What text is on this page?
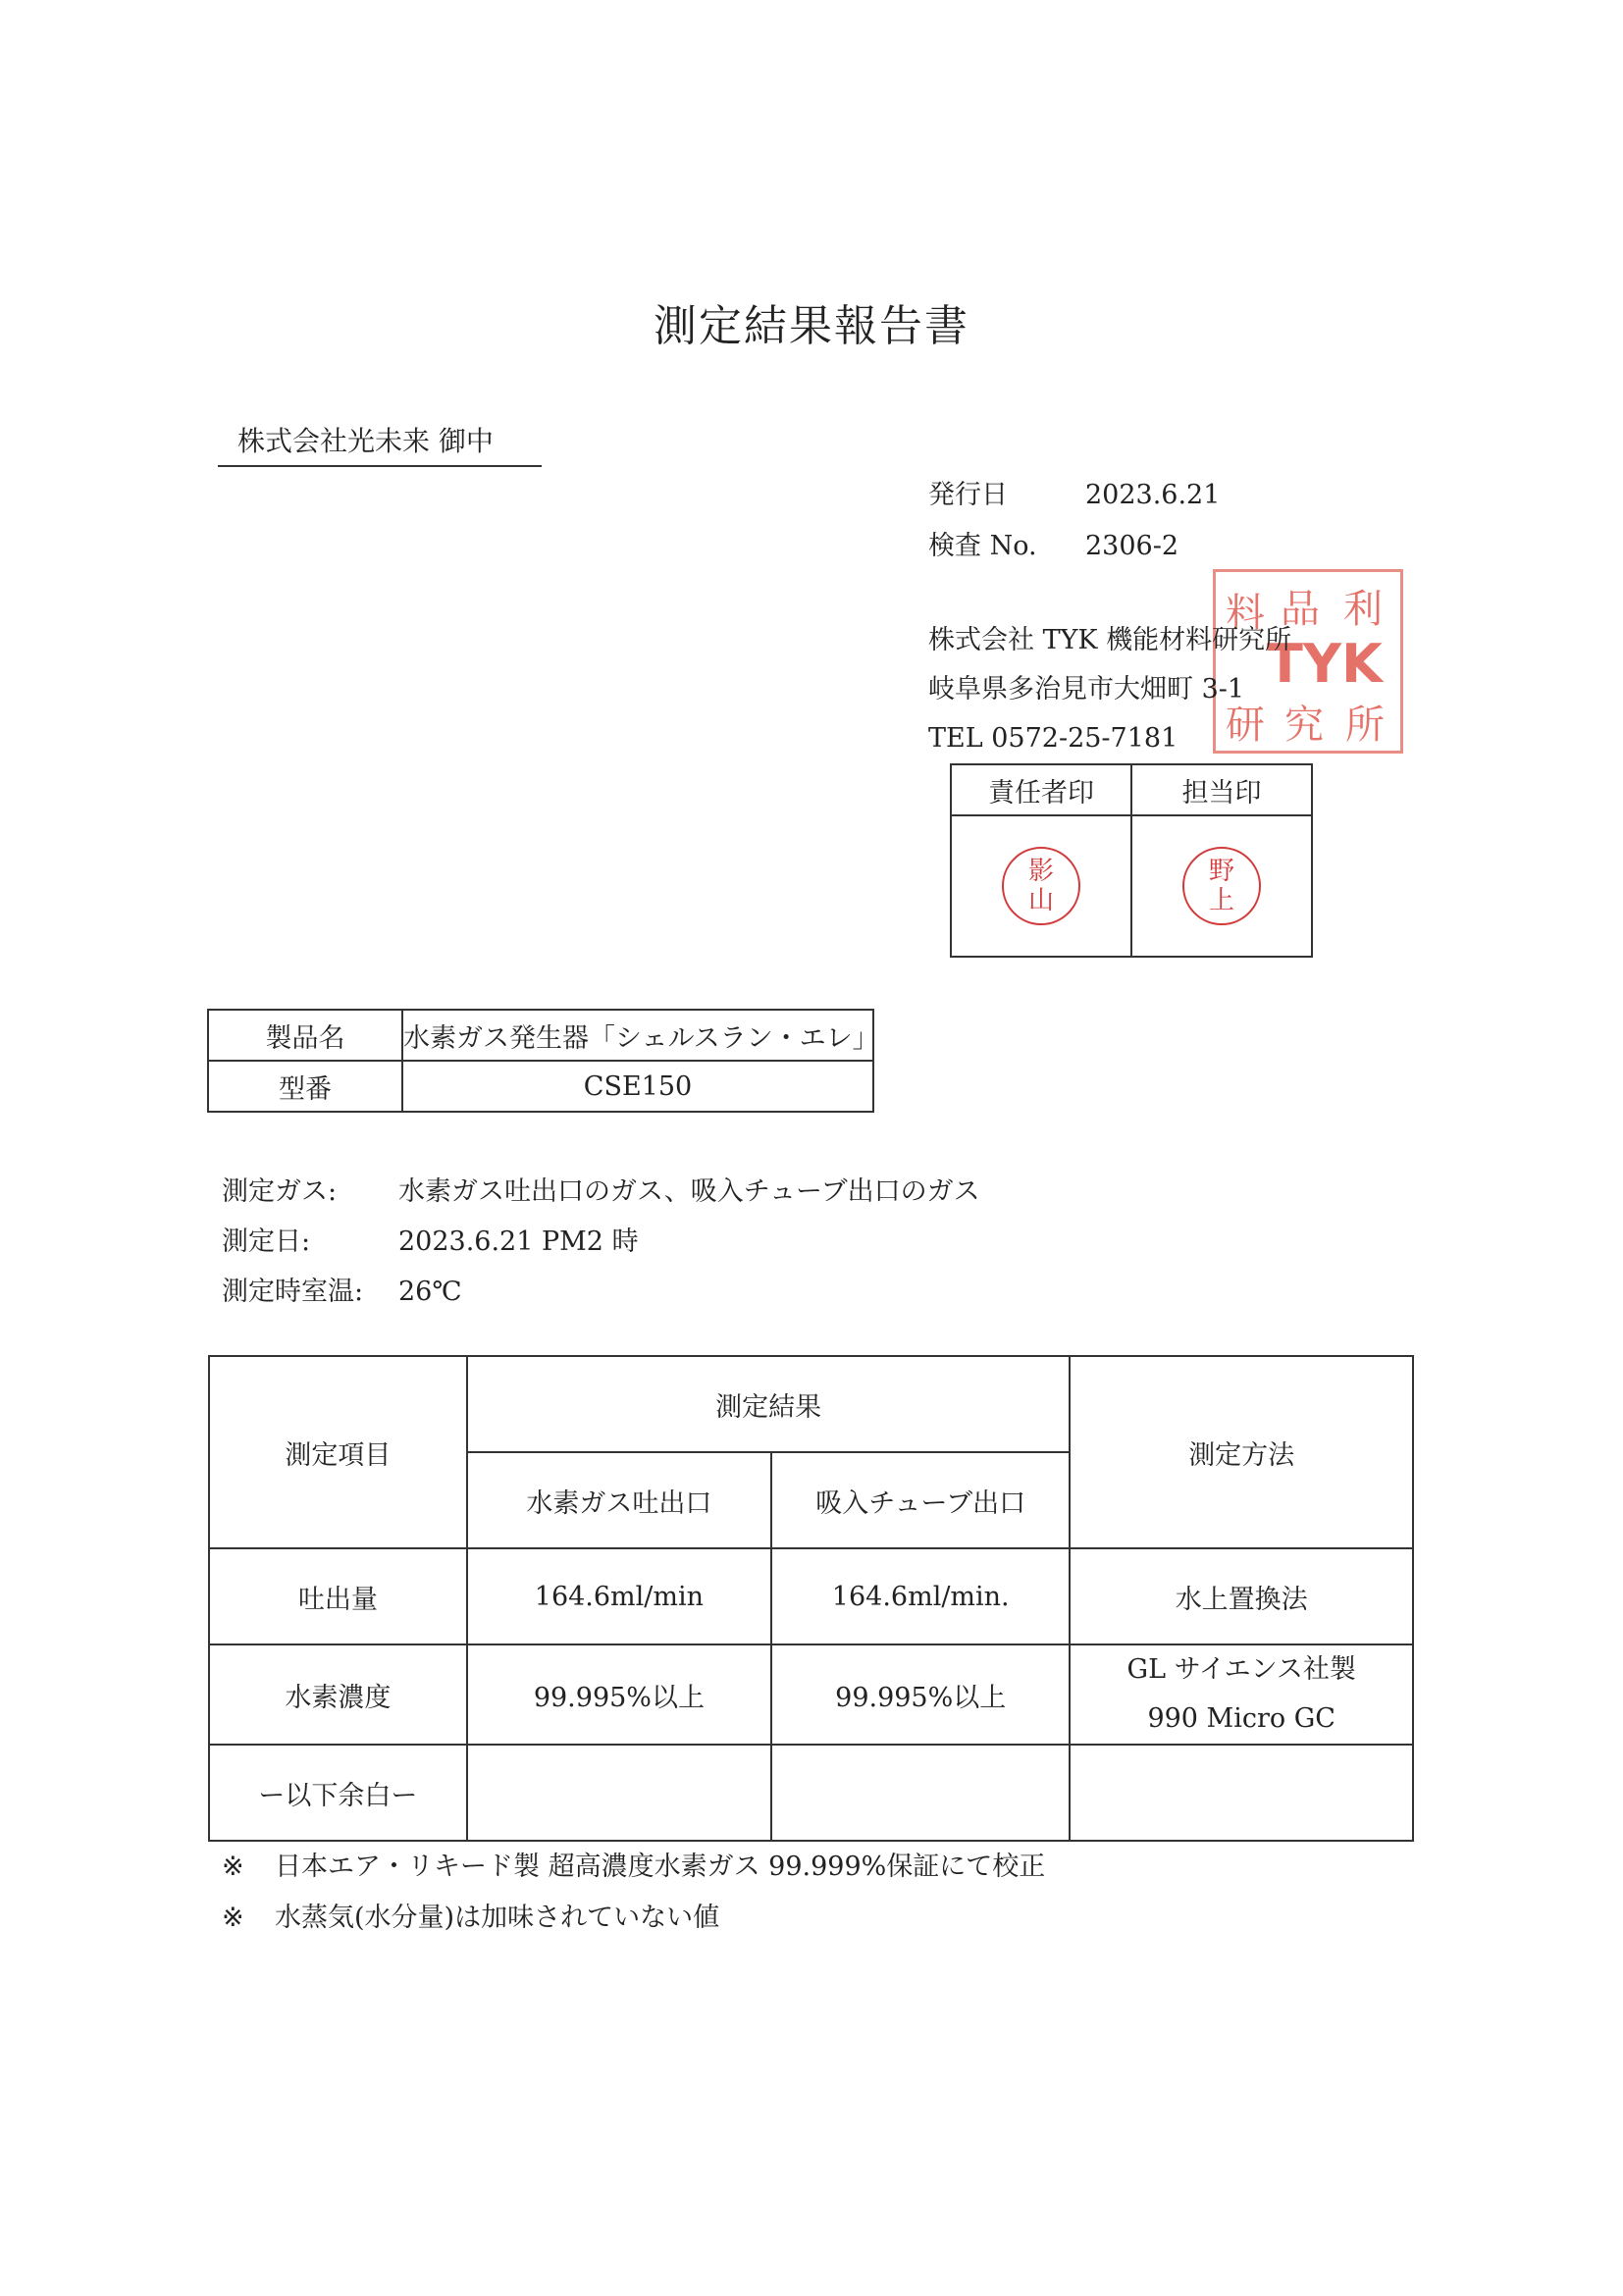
測定結果報告書
株式会社光未来 御中
発行日	2023.6.21
検査 No. 2306-2
料 品 利
TYK
研 究 所
株式会社 TYK 機能材料研究所
岐阜県多治見市大畑町 3-1
TEL 0572-25-7181
責任者印	担当印
影山	野上
製品名	水素ガス発生器「シェルスラン・エレ」
型番	CSE150
測定ガス: 水素ガス吐出口のガス、吸入チューブ出口のガス
測定日:	2023.6.21 PM2 時
測定時室温: 26℃
測定項目	測定結果		測定方法
	水素ガス吐出口	吸入チューブ出口	
吐出量	164.6ml/min	164.6ml/min.	水上置換法

水素濃度	99.995%以上	99.995%以上	GL サイエンス社製
990 Micro GC

ー以下余白ー			
※ 日本エア・リキード製 超高濃度水素ガス 99.999%保証にて校正
※ 水蒸気(水分量)は加味されていない値
